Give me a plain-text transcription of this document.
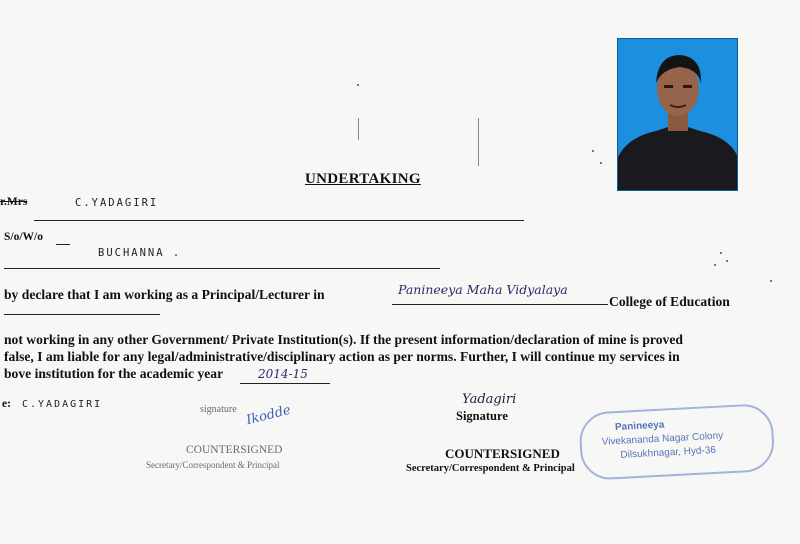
UNDERTAKING
r.Mrs	C.YADAGIRI
S/o/W/o
BUCHANNA .
by declare that I am working as a Principal/Lecturer in	Panineeya Maha Vidyalaya
College of Education
not working in any other Government/ Private Institution(s). If the present information/declaration of mine is proved
false, I am liable for any legal/administrative/disciplinary action as per norms. Further, I will continue my services in
bove institution for the academic year	2014-15
e: C.YADAGIRI	signature Ikodde
COUNTERSIGNED
Secretary/Correspondent & Principal
Yadagiri
Signature
COUNTERSIGNED
Secretary/Correspondent & Principal
Panineeya
Vivekananda Nagar Colony
Dilsukhnagar, Hyd-36
